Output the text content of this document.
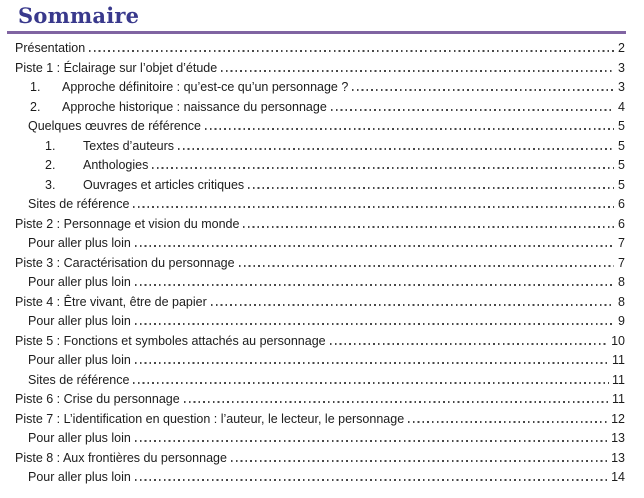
Sommaire
Présentation	2
Piste 1 : Éclairage sur l’objet d’étude	3
1.	Approche définitoire : qu’est-ce qu’un personnage ?	3
2.	Approche historique : naissance du personnage	4
Quelques œuvres de référence	5
1.	Textes d’auteurs	5
2.	Anthologies	5
3.	Ouvrages et articles critiques	5
Sites de référence	6
Piste 2 : Personnage et vision du monde	6
Pour aller plus loin	7
Piste 3 : Caractérisation du personnage	7
Pour aller plus loin	8
Piste 4 : Être vivant, être de papier	8
Pour aller plus loin	9
Piste 5 : Fonctions et symboles attachés au personnage	10
Pour aller plus loin	11
Sites de référence	11
Piste 6 : Crise du personnage	11
Piste 7 : L’identification en question : l’auteur, le lecteur, le personnage	12
Pour aller plus loin	13
Piste 8 : Aux frontières du personnage	13
Pour aller plus loin	14
